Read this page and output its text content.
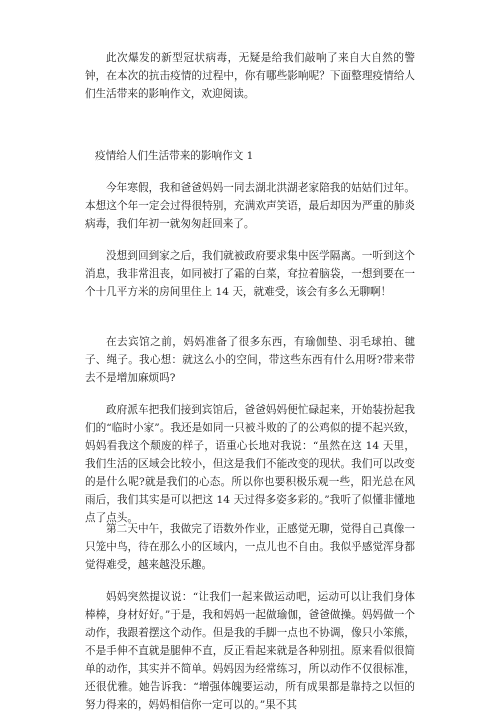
此次爆发的新型冠状病毒，无疑是给我们敲响了来自大自然的警钟，在本次的抗击疫情的过程中，你有哪些影响呢？下面整理疫情给人们生活带来的影响作文，欢迎阅读。

疫情给人们生活带来的影响作文 1

今年寒假，我和爸爸妈妈一同去湖北洪湖老家陪我的姑姑们过年。本想这个年一定会过得很特别，充满欢声笑语，最后却因为严重的肺炎病毒，我们年初一就匆匆赶回来了。

没想到回到家之后，我们就被政府要求集中医学隔离。一听到这个消息，我非常沮丧，如同被打了霜的白菜，耷拉着脑袋，一想到要在一个十几平方米的房间里住上 14 天，就难受，该会有多么无聊啊！

在去宾馆之前，妈妈准备了很多东西，有瑜伽垫、羽毛球拍、毽子、绳子。我心想：就这么小的空间，带这些东西有什么用呀?带来带去不是增加麻烦吗?

政府派车把我们接到宾馆后，爸爸妈妈便忙碌起来，开始装扮起我们的“临时小家”。我还是如同一只被斗败的了的公鸡似的提不起兴致，妈妈看我这个颓废的样子，语重心长地对我说：“虽然在这 14 天里，我们生活的区域会比较小，但这是我们不能改变的现状。我们可以改变的是什么呢?就是我们的心态。所以你也要积极乐观一些，阳光总在风雨后，我们其实是可以把这 14 天过得多姿多彩的。”我听了似懂非懂地点了点头。

第二天中午，我做完了语数外作业，正感觉无聊，觉得自己真像一只笼中鸟，待在那么小的区域内，一点儿也不自由。我似乎感觉浑身都觉得难受，越来越没乐趣。

妈妈突然提议说：“让我们一起来做运动吧，运动可以让我们身体棒棒，身材好好。”于是，我和妈妈一起做瑜伽，爸爸做操。妈妈做一个动作，我跟着摆这个动作。但是我的手脚一点也不协调，像只小笨熊，不是手伸不直就是腿伸不直，反正看起来就是各种别扭。原来看似很简单的动作，其实并不简单。妈妈因为经常练习，所以动作不仅很标准，还很优雅。她告诉我：“增强体魄要运动，所有成果都是靠持之以恒的努力得来的，妈妈相信你一定可以的。”果不其
